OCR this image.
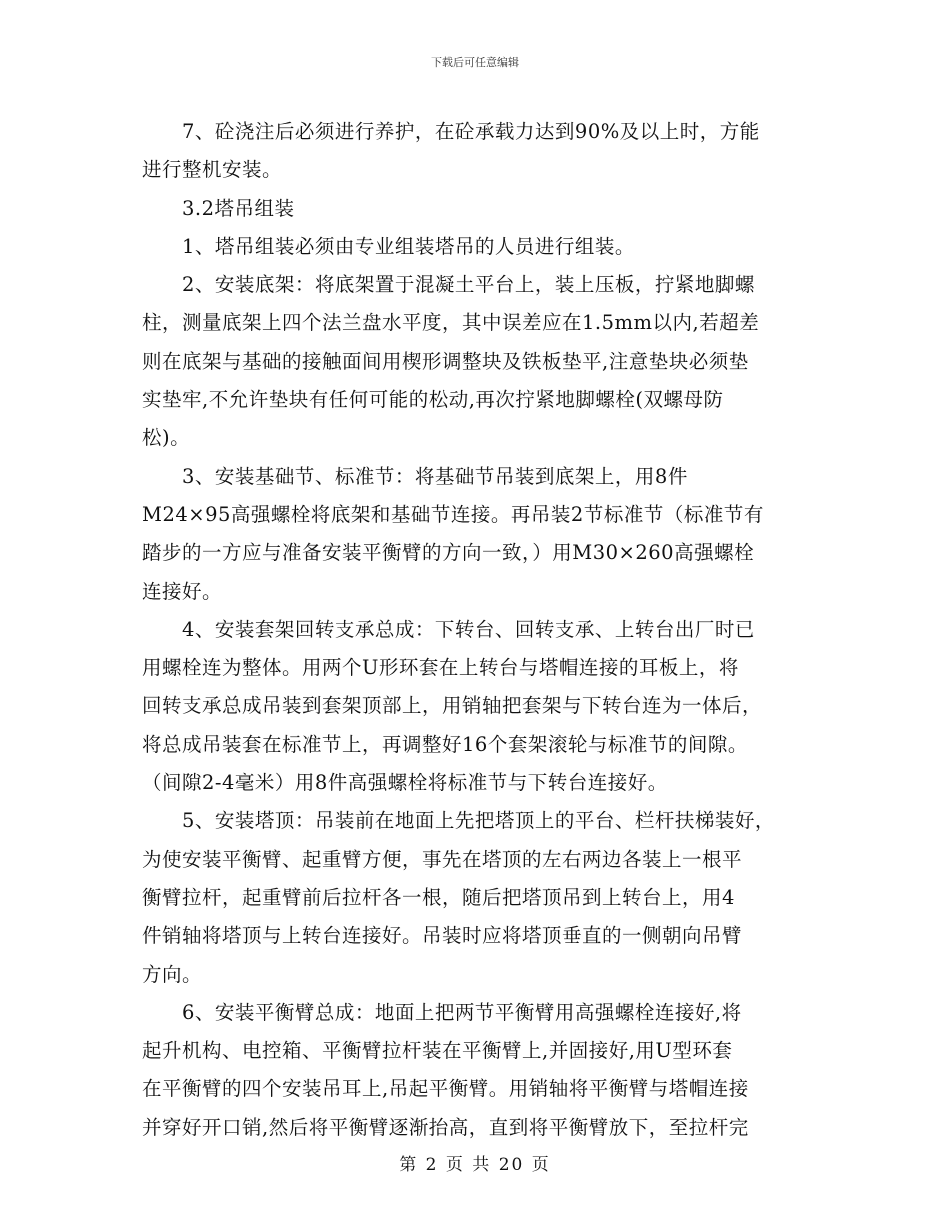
下载后可任意编辑
　　7、砼浇注后必须进行养护，在砼承载力达到90%及以上时，方能
进行整机安装。
　　3.2塔吊组装
　　1、塔吊组装必须由专业组装塔吊的人员进行组装。
　　2、安装底架：将底架置于混凝土平台上，装上压板，拧紧地脚螺
柱，测量底架上四个法兰盘水平度，其中误差应在1.5mm以内,若超差
则在底架与基础的接触面间用楔形调整块及铁板垫平,注意垫块必须垫
实垫牢,不允许垫块有任何可能的松动,再次拧紧地脚螺栓(双螺母防
松)。
　　3、安装基础节、标准节：将基础节吊装到底架上，用8件
M24×95高强螺栓将底架和基础节连接。再吊装2节标准节（标准节有
踏步的一方应与准备安装平衡臂的方向一致，）用M30×260高强螺栓
连接好。
　　4、安装套架回转支承总成：下转台、回转支承、上转台出厂时已
用螺栓连为整体。用两个U形环套在上转台与塔帽连接的耳板上，将
回转支承总成吊装到套架顶部上，用销轴把套架与下转台连为一体后，
将总成吊装套在标准节上，再调整好16个套架滚轮与标准节的间隙。
（间隙2-4毫米）用8件高强螺栓将标准节与下转台连接好。
　　5、安装塔顶：吊装前在地面上先把塔顶上的平台、栏杆扶梯装好，
为使安装平衡臂、起重臂方便，事先在塔顶的左右两边各装上一根平
衡臂拉杆，起重臂前后拉杆各一根，随后把塔顶吊到上转台上，用4
件销轴将塔顶与上转台连接好。吊装时应将塔顶垂直的一侧朝向吊臂
方向。
　　6、安装平衡臂总成：地面上把两节平衡臂用高强螺栓连接好,将
起升机构、电控箱、平衡臂拉杆装在平衡臂上,并固接好,用U型环套
在平衡臂的四个安装吊耳上,吊起平衡臂。用销轴将平衡臂与塔帽连接
并穿好开口销,然后将平衡臂逐渐抬高，直到将平衡臂放下，至拉杆完
第 2 页 共 20 页
